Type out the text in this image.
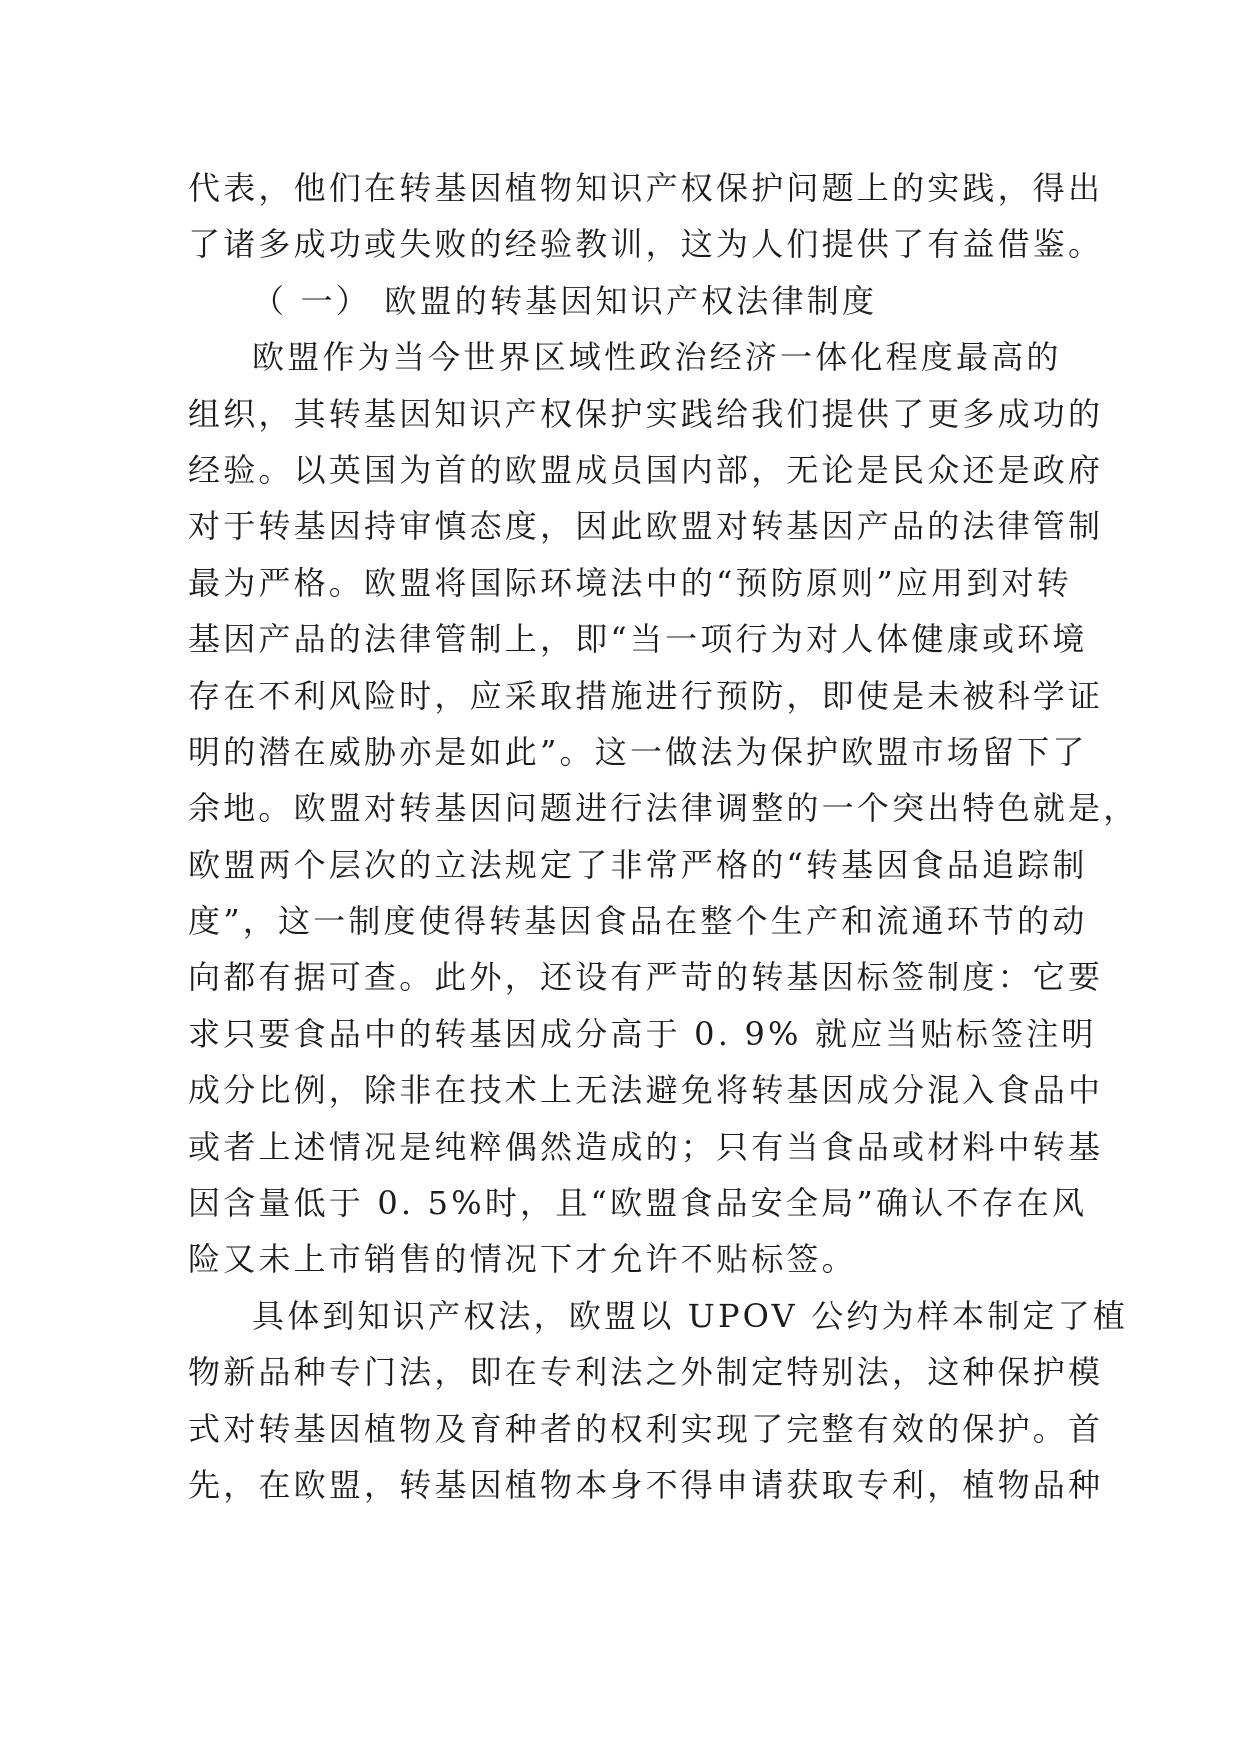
代表，他们在转基因植物知识产权保护问题上的实践，得出
了诸多成功或失败的经验教训，这为人们提供了有益借鉴。
（ 一） 欧盟的转基因知识产权法律制度
欧盟作为当今世界区域性政治经济一体化程度最高的
组织，其转基因知识产权保护实践给我们提供了更多成功的
经验。以英国为首的欧盟成员国内部，无论是民众还是政府
对于转基因持审慎态度，因此欧盟对转基因产品的法律管制
最为严格。欧盟将国际环境法中的“预防原则”应用到对转
基因产品的法律管制上，即“当一项行为对人体健康或环境
存在不利风险时，应采取措施进行预防，即使是未被科学证
明的潜在威胁亦是如此”。这一做法为保护欧盟市场留下了
余地。欧盟对转基因问题进行法律调整的一个突出特色就是，
欧盟两个层次的立法规定了非常严格的“转基因食品追踪制
度”，这一制度使得转基因食品在整个生产和流通环节的动
向都有据可查。此外，还设有严苛的转基因标签制度：它要
求只要食品中的转基因成分高于 0. 9% 就应当贴标签注明
成分比例，除非在技术上无法避免将转基因成分混入食品中
或者上述情况是纯粹偶然造成的；只有当食品或材料中转基
因含量低于 0. 5%时，且“欧盟食品安全局”确认不存在风
险又未上市销售的情况下才允许不贴标签。
具体到知识产权法，欧盟以 UPOV 公约为样本制定了植
物新品种专门法，即在专利法之外制定特别法，这种保护模
式对转基因植物及育种者的权利实现了完整有效的保护。首
先，在欧盟，转基因植物本身不得申请获取专利，植物品种
